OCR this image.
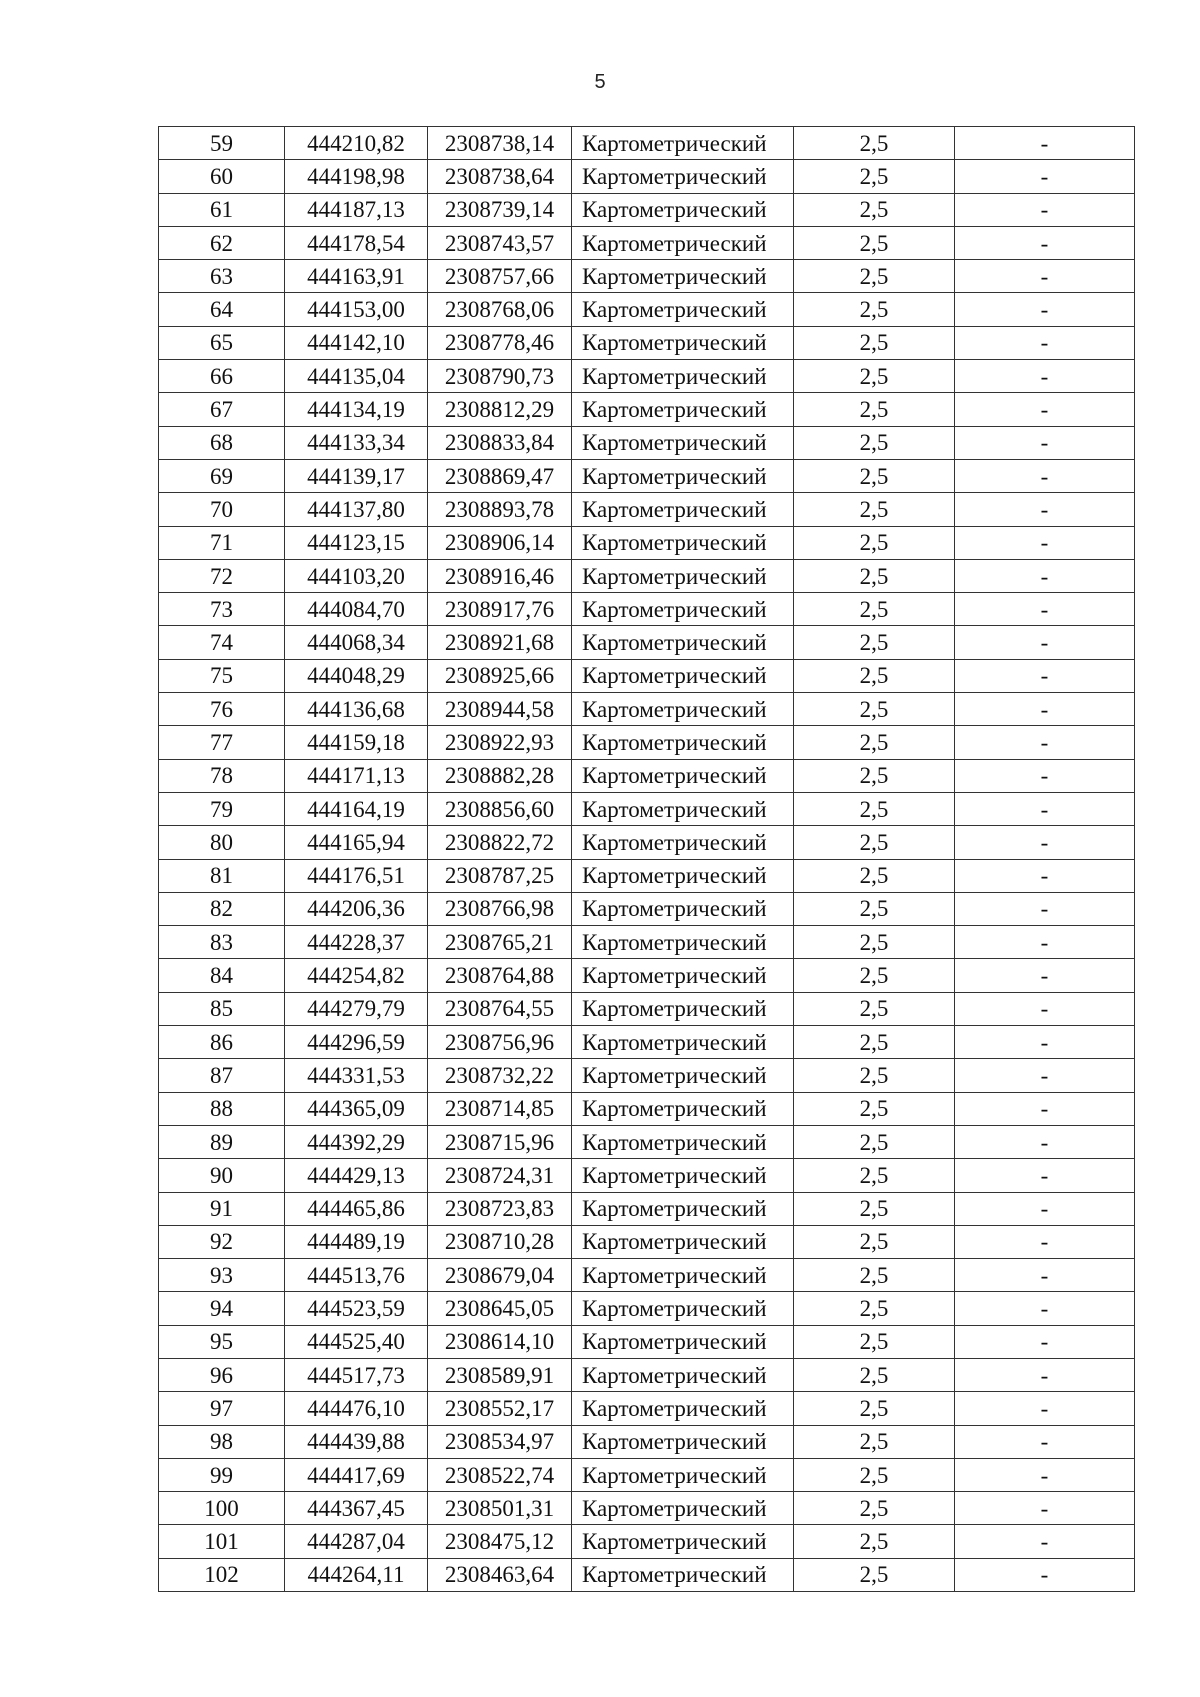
5
59	444210,82	2308738,14	Картометрический	2,5	-
60	444198,98	2308738,64	Картометрический	2,5	-
61	444187,13	2308739,14	Картометрический	2,5	-
62	444178,54	2308743,57	Картометрический	2,5	-
63	444163,91	2308757,66	Картометрический	2,5	-
64	444153,00	2308768,06	Картометрический	2,5	-
65	444142,10	2308778,46	Картометрический	2,5	-
66	444135,04	2308790,73	Картометрический	2,5	-
67	444134,19	2308812,29	Картометрический	2,5	-
68	444133,34	2308833,84	Картометрический	2,5	-
69	444139,17	2308869,47	Картометрический	2,5	-
70	444137,80	2308893,78	Картометрический	2,5	-
71	444123,15	2308906,14	Картометрический	2,5	-
72	444103,20	2308916,46	Картометрический	2,5	-
73	444084,70	2308917,76	Картометрический	2,5	-
74	444068,34	2308921,68	Картометрический	2,5	-
75	444048,29	2308925,66	Картометрический	2,5	-
76	444136,68	2308944,58	Картометрический	2,5	-
77	444159,18	2308922,93	Картометрический	2,5	-
78	444171,13	2308882,28	Картометрический	2,5	-
79	444164,19	2308856,60	Картометрический	2,5	-
80	444165,94	2308822,72	Картометрический	2,5	-
81	444176,51	2308787,25	Картометрический	2,5	-
82	444206,36	2308766,98	Картометрический	2,5	-
83	444228,37	2308765,21	Картометрический	2,5	-
84	444254,82	2308764,88	Картометрический	2,5	-
85	444279,79	2308764,55	Картометрический	2,5	-
86	444296,59	2308756,96	Картометрический	2,5	-
87	444331,53	2308732,22	Картометрический	2,5	-
88	444365,09	2308714,85	Картометрический	2,5	-
89	444392,29	2308715,96	Картометрический	2,5	-
90	444429,13	2308724,31	Картометрический	2,5	-
91	444465,86	2308723,83	Картометрический	2,5	-
92	444489,19	2308710,28	Картометрический	2,5	-
93	444513,76	2308679,04	Картометрический	2,5	-
94	444523,59	2308645,05	Картометрический	2,5	-
95	444525,40	2308614,10	Картометрический	2,5	-
96	444517,73	2308589,91	Картометрический	2,5	-
97	444476,10	2308552,17	Картометрический	2,5	-
98	444439,88	2308534,97	Картометрический	2,5	-
99	444417,69	2308522,74	Картометрический	2,5	-
100	444367,45	2308501,31	Картометрический	2,5	-
101	444287,04	2308475,12	Картометрический	2,5	-
102	444264,11	2308463,64	Картометрический	2,5	-
